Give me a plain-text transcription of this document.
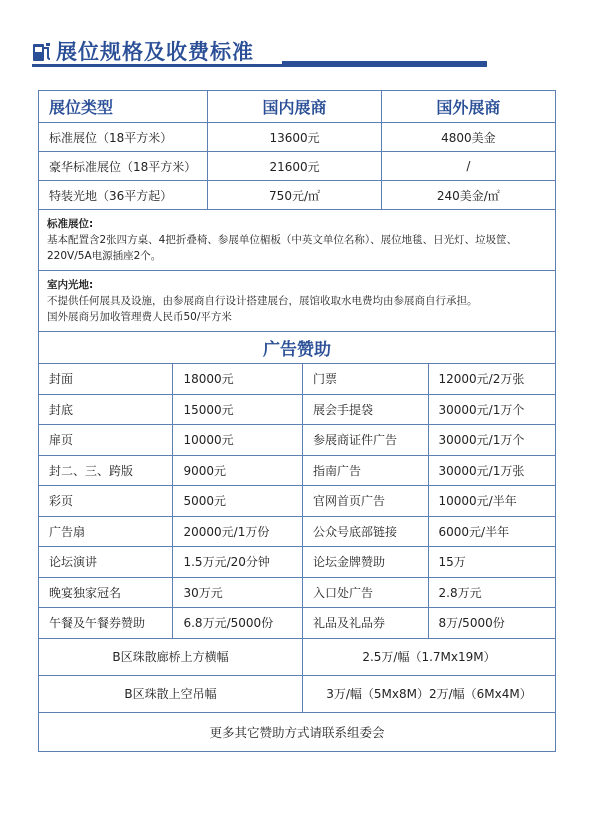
展位规格及收费标准
展位类型	国内展商	国外展商
标准展位（18平方米）	13600元	4800美金
豪华标准展位（18平方米）	21600元	/
特装光地（36平方起）	750元/㎡	240美金/㎡
标准展位:
基本配置含2张四方桌、4把折叠椅、参展单位楣板（中英文单位名称）、展位地毯、日光灯、垃圾筐、
220V/5A电源插座2个。
室内光地:
不提供任何展具及设施，由参展商自行设计搭建展台，展馆收取水电费均由参展商自行承担。
国外展商另加收管理费人民币50/平方米
广告赞助
封面	18000元	门票	12000元/2万张
封底	15000元	展会手提袋	30000元/1万个
扉页	10000元	参展商证件广告	30000元/1万个
封二、三、跨版	9000元	指南广告	30000元/1万张
彩页	5000元	官网首页广告	10000元/半年
广告扇	20000元/1万份	公众号底部链接	6000元/半年
论坛演讲	1.5万元/20分钟	论坛金牌赞助	15万
晚宴独家冠名	30万元	入口处广告	2.8万元
午餐及午餐券赞助	6.8万元/5000份	礼品及礼品券	8万/5000份
B区珠散廊桥上方横幅	2.5万/幅（1.7Mx19M）
B区珠散上空吊幅	3万/幅（5Mx8M）2万/幅（6Mx4M）
更多其它赞助方式请联系组委会
